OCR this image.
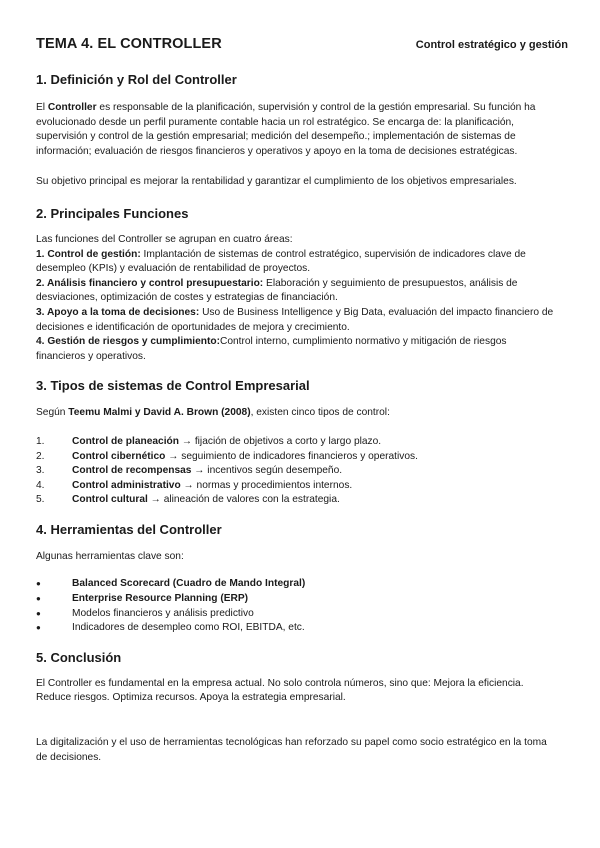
TEMA 4. EL CONTROLLER	Control estratégico y gestión
1. Definición y Rol del Controller

El Controller es responsable de la planificación, supervisión y control de la gestión empresarial. Su función ha evolucionado desde un perfil puramente contable hacia un rol estratégico. Se encarga de: la planificación, supervisión y control de la gestión empresarial; medición del desempeño.; implementación de sistemas de información; evaluación de riesgos financieros y operativos y apoyo en la toma de decisiones estratégicas.

Su objetivo principal es mejorar la rentabilidad y garantizar el cumplimiento de los objetivos empresariales.

2. Principales Funciones

Las funciones del Controller se agrupan en cuatro áreas:

1. Control de gestión: Implantación de sistemas de control estratégico, supervisión de indicadores clave de desempleo (KPIs) y evaluación de rentabilidad de proyectos.

2. Análisis financiero y control presupuestario: Elaboración y seguimiento de presupuestos, análisis de desviaciones, optimización de costes y estrategias de financiación.

3. Apoyo a la toma de decisiones: Uso de Business Intelligence y Big Data, evaluación del impacto financiero de decisiones e identificación de oportunidades de mejora y crecimiento.

4. Gestión de riesgos y cumplimiento:Control interno, cumplimiento normativo y mitigación de riesgos financieros y operativos.

3. Tipos de sistemas de Control Empresarial

Según Teemu Malmi y David A. Brown (2008), existen cinco tipos de control:

1.	Control de planeación → fijación de objetivos a corto y largo plazo.
2.	Control cibernético → seguimiento de indicadores financieros y operativos.
3.	Control de recompensas → incentivos según desempeño.
4.	Control administrativo → normas y procedimientos internos.
5.	Control cultural → alineación de valores con la estrategia.
4. Herramientas del Controller

Algunas herramientas clave son:

●	Balanced Scorecard (Cuadro de Mando Integral)
●	Enterprise Resource Planning (ERP)
●	Modelos financieros y análisis predictivo
●	Indicadores de desempleo como ROI, EBITDA, etc.
5. Conclusión

El Controller es fundamental en la empresa actual. No solo controla números, sino que: Mejora la eficiencia. Reduce riesgos. Optimiza recursos. Apoya la estrategia empresarial.

La digitalización y el uso de herramientas tecnológicas han reforzado su papel como socio estratégico en la toma de decisiones.
